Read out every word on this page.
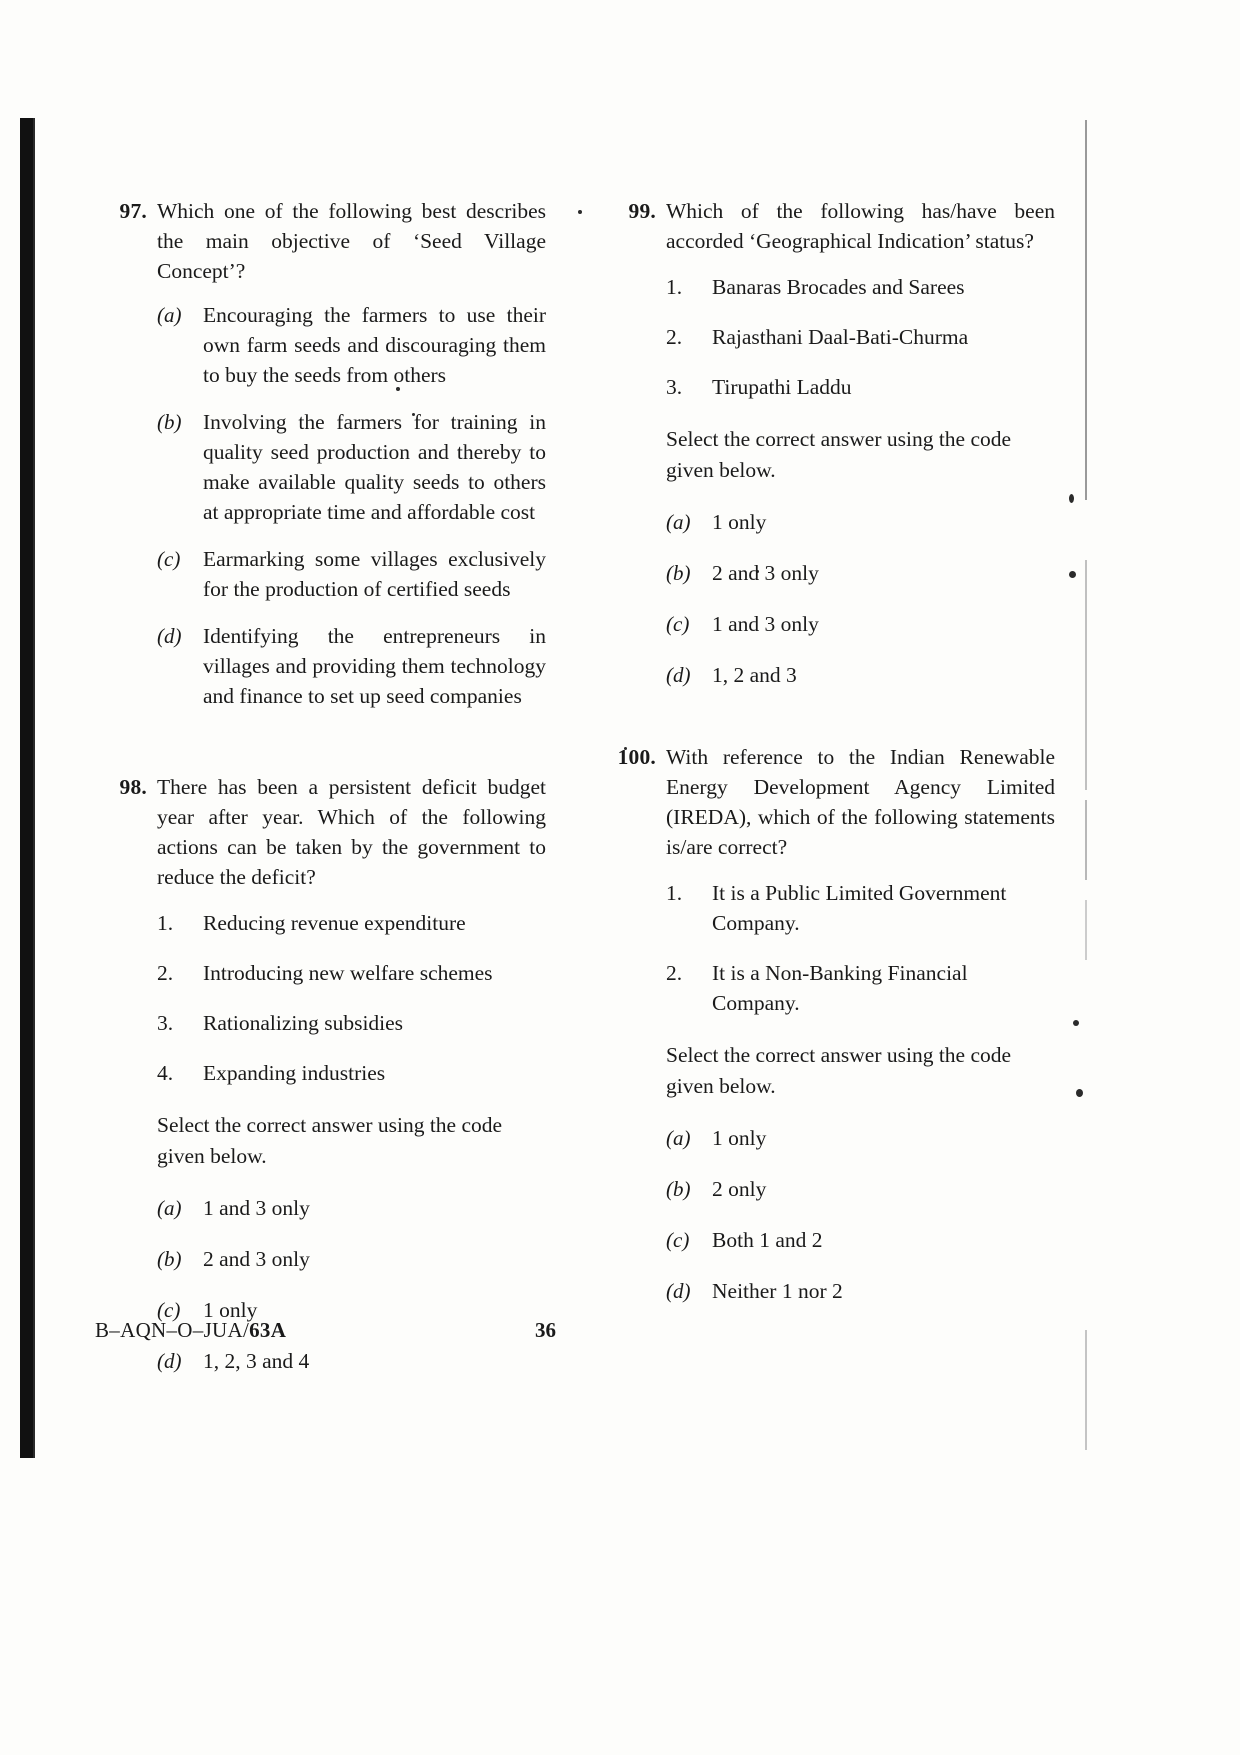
97. Which one of the following best describes the main objective of ‘Seed Village Concept’?
(a)	Encouraging the farmers to use their own farm seeds and discouraging them to buy the seeds from others
(b)	Involving the farmers for training in quality seed production and thereby to make available quality seeds to others at appropriate time and affordable cost
(c)	Earmarking some villages exclusively for the production of certified seeds
(d)	Identifying the entrepreneurs in villages and providing them technology and finance to set up seed companies
98. There has been a persistent deficit budget year after year. Which of the following actions can be taken by the government to reduce the deficit?
1.	Reducing revenue expenditure
2.	Introducing new welfare schemes
3.	Rationalizing subsidies
4.	Expanding industries
Select the correct answer using the code given below.
(a)	1 and 3 only
(b)	2 and 3 only
(c)	1 only
(d)	1, 2, 3 and 4
99. Which of the following has/have been accorded ‘Geographical Indication’ status?
1.	Banaras Brocades and Sarees
2.	Rajasthani Daal-Bati-Churma
3.	Tirupathi Laddu
Select the correct answer using the code given below.
(a)	1 only
(b)	2 and 3 only
(c)	1 and 3 only
(d)	1, 2 and 3
100. With reference to the Indian Renewable Energy Development Agency Limited (IREDA), which of the following statements is/are correct?
1.	It is a Public Limited Government Company.
2.	It is a Non-Banking Financial Company.
Select the correct answer using the code given below.
(a)	1 only
(b)	2 only
(c)	Both 1 and 2
(d)	Neither 1 nor 2
B–AQN–O–JUA/63A	36
